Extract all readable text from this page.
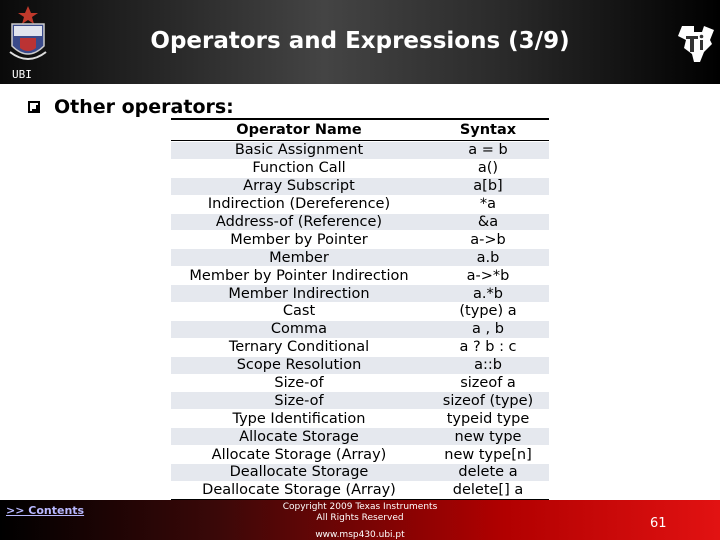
UBI
Operators and Expressions (3/9)
Other operators:
Operator Name	Syntax
Basic Assignment	a = b
Function Call	a()
Array Subscript	a[b]
Indirection (Dereference)	*a
Address-of (Reference)	&a
Member by Pointer	a->b
Member	a.b
Member by Pointer Indirection	a->*b
Member Indirection	a.*b
Cast	(type) a
Comma	a , b
Ternary Conditional	a ? b : c
Scope Resolution	a::b
Size-of	sizeof a
Size-of	sizeof (type)
Type Identification	typeid type
Allocate Storage	new type
Allocate Storage (Array)	new type[n]
Deallocate Storage	delete a
Deallocate Storage (Array)	delete[] a
>> Contents	Copyright 2009 Texas Instruments
All Rights Reserved
www.msp430.ubi.pt
61
